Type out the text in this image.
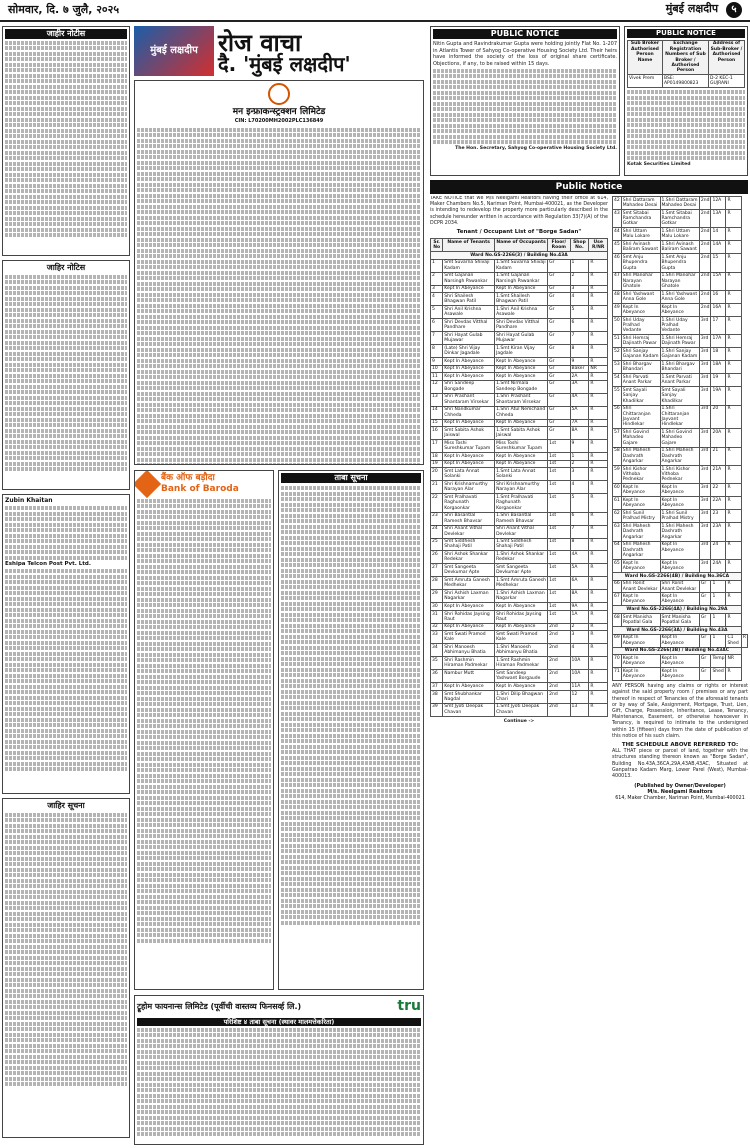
सोमवार, दि. ७ जुलै, २०२५	मुंबई लक्षदीप ५
जाहीर नोटीस
जाहिर नोटिस
Zubin Khaitan
Eshipa Telcon Post Pvt. Ltd.
जाहिर सूचना
मुंबई लक्षदीप रोज वाचा
दै. 'मुंबई लक्षदीप'
मन इन्फ्राकन्स्ट्रक्शन लिमिटेड
CIN: L70200MH2002PLC136849
बैंक ऑफ बड़ौदा
Bank of Baroda
ताबा सूचना
ट्रूहोम फायनान्स लिमिटेड (पूर्वीची वास्तव्य फिनसर्व्ह लि.)	tru
परिशिष्ट ४ ताबा सूचना (स्थावर मालमत्तेकरिता)
PUBLIC NOTICE
Nitin Gupta and Ravindrakumar Gupta were holding jointly Flat No. 1-207 in Atlantis Tower of Sahyog Co-operative Housing Society Ltd. Their heirs have informed the society of the loss of original share certificate. Objections, if any, to be raised within 15 days.
The Hon. Secretary, Sahyog Co-operative Housing Society Ltd.
PUBLIC NOTICE
Sub Broker Authorised Person Name	Exchange Registration Numbers of Sub Broker / Authorised Person	Address of Sub-Broker / Authorised Person
Vivek Prem	BSE: AP0149800823	D-2 KEC-1 GUJRANI
Kotak Securities Limited
Public Notice
TAKE NOTICE that we M/s Neelgami Realtors having their office at 614, Maker Chambers No.5, Nariman Point, Mumbai-400021, as the Developer is intending to redevelop the property more particularly described in the schedule hereunder written in accordance with Regulation 33(7)(A) of the DCPR 2034.
Tenant / Occupant List of "Borge Sadan"
Sr. No	Name of Tenants	Name of Occupants	Floor/ Room	Shop No.	Use R/NR
Ward No.GS-2266(3) / Building No.43A					
1	Smt Suvarna Shivaji Kadam	1.Smt Suvarna Shivaji Kadam	Gr	1	R
2	Smt Gajanan Narsingh Pawankar	1.Smt Gajanan Narsingh Pawankar	Gr	2	R
3	Kept In Abeyance	Kept In Abeyance	Gr	3	R
4	Shri Shailesh Bhagwan Patil	1.Smt Shailesh Bhagwan Patil	Gr	4	R
5	Shri Anil Krishna Asawale	1.Shri Anil Krishna Asawale	Gr	5	R
6	Shri Devdas Vitthal Pandhare	Shri Devdas Vitthal Pandhare	Gr	6	R
7	Shri Hayat Gulab Mujawar	Shri Hayat Gulab Mujawar	Gr	7	R
8	(Late) Shri Vijay Dinkar Jagadale	1.Smt Kiran Vijay Jagdale	Gr	8	R
9	Kept In Abeyance	Kept In Abeyance	Gr	9	R
10	Kept In Abeyance	Kept In Abeyance	Gr	Baker	NR
11	Kept In Abeyance	Kept In Abeyance	Gr	2A	R
12	Shri Sandeep Bongade	1.Smt Nirmala Sandeep Bongade	Gr	3A	R
13	Shri Prashant Shantaram Virsekar	1.Shri Prashant Shantaram Virsekar	Gr	4A	R
14	Shri Nandkumar Chheda	1.Shri Atul Nemchand Chheda	Gr	5A	R
15	Kept In Abeyance	Kept In Abeyance	Gr	7A	R
16	Smt Sabita Ashok Jaiswal	1.Smt Sabita Ashok Jaiswal	Gr	8A	R
17	Miss Toshi Sureshkumar Tupam	Miss Toshi Sureshkumar Tupam	1st	9	R
18	Kept In Abeyance	Kept In Abeyance	1st	1	R
19	Kept In Abeyance	Kept In Abeyance	1st	2	R
20	Smt Lata Annat Solanki	1.Smt Lata Annat Solanki	1st	3	R
21	Shri Krishnamurthy Narayan Alar	Shri Krishnamurthy Narayan Alar	1st	4	R
22	Smt Pralhavati Raghunath Korgaonkar	1.Smt Pralhavati Raghunath Korgaonkar	1st	5	R
23	Shri Basantlal Ramesh Bhavsar	1.Shri Basantlal Ramesh Bhavsar	1st	6	R
24	Shri Anant Vithal Devlekar	Shri Anant Vithal Devlekar	1st	7	R
25	Smt Siddhesh Shahaji Patil	1.Smt Siddhesh Shahaji Patil	1st	8	R
26	Shri Ashok Shankar Redekar	1.Shri Ashok Shankar Redekar	1st	4A	R
27	Smt Sangeeta Devkumar Apte	Smt Sangeeta Devkumar Apte	1st	5A	R
28	Smt Amruta Ganesh Medhekar	1.Smt Amruta Ganesh Medhekar	1st	6A	R
29	Shri Ashish Laxman Nagarkar	1.Shri Ashish Laxman Nagarkar	1st	8A	R
30	Kept In Abeyance	Kept In Abeyance	1st	9A	R
31	Shri Rohidas Jaysing Raut	Shri Rohidas Jaysing Raut	1st	1A	R
32	Kept In Abeyance	Kept In Abeyance	2nd	2	R
33	Smt Swati Pramod Kale	Smt Swati Pramod Kale	2nd	3	R
34	Shri Manoesh Abhimanyu Bhatia	1.Shri Manoesh Abhimanyu Bhatia	2nd	4	R
35	Shri Rashmin Hiraman Padmekar	1.Smt Rashmin Hiraman Padmekar	2nd	10A	R
36	Nambur Mutt	Smt Sandeep Yashwant Borgaude	2nd	10A	R
37	Kept In Abeyance	Kept In Abeyance	2nd	11A	R
38	Smt Shubhankar Nagdal	1.Shri Dilip Bhagwan Chari	2nd	12	R
39	Smt Jyoti Deepak Chavan	1.Smt Jyoti Deepak Chavan	2nd	13	R
Continue ->
42	Shri Dattaram Mahadeo Desai	1.Shri Dattaram Mahadeo Desai	2nd	12A	R	
43	Smt Sitabai Ramchandra Gotkar	1.Smt Sitabai Ramchandra Gotkar	2nd	13A	R	
44	Shri Uttam Malu Lokare	1.Shri Uttam Malu Lokare	2nd	14	R	
45	Shri Avinash Baliram Sawant	1.Shri Avinash Baliram Sawant	2nd	14A	R	
46	Smt Anju Bhupendra Gupta	1.Smt Anju Bhupendra Gupta	2nd	15	R	
47	Shri Manohar Narayan Ghatole	1.Shri Manohar Narayan Ghatole	2nd	15A	R	
48	Shri Yashwant Anna Gole	1.Shri Yashwant Anna Gole	2nd	16	R	
49	Kept In Abeyance	Kept In Abeyance	2nd	16A	R	
50	Shri Uday Pralhad Vedante	1.Shri Uday Pralhad Vedante	3rd	17	R	
51	Shri Hemraj Dajinath Pawar	1.Shri Hemraj Dajinath Pawar	3rd	17A	R	
52	Shri Sanjay Gajanan Kadam	1.Shri Sanjay Gajanan Kadam	3rd	18	R	
53	Shri Bhargav Bhandari	1.Shri Bhargav Bhandari	3rd	18A	R	
54	Shri Parvati Anant Parkar	1.Smt Parvati Anant Parkar	3rd	19	R	
55	Smt Sayali Sanjay Khadilkar	Smt Sayali Sanjay Khadilkar	3rd	19A	R	
56	Shri Chittaranjan Jayvant Hindlekar	1.Shri Chittaranjan Jayvant Hindlekar	3rd	20	R	
57	Shri Govind Mahadeo Gajare	1.Shri Govind Mahadeo Gajare	3rd	20A	R	
58	Shri Mahesh Dashrath Angarkar	1.Shri Mahesh Dashrath Angarkar	3rd	21	R	
59	Shri Kishor Vithoba Pednekar	1.Shri Kishor Vithoba Pednekar	3rd	21A	R	
60	Kept In Abeyance	Kept In Abeyance	3rd	22	R	
61	Kept In Abeyance	Kept In Abeyance	3rd	22A	R	
62	Shri Sunil Pralhad Mistry	1.Shri Sunil Pralhad Mistry	3rd	23	R	
63	Shri Mahesh Dashrath Angarkar	1.Shri Mahesh Dashrath Angarkar	3rd	23A	R	
64	Shri Mahesh Dashrath Angarkar	Kept In Abeyance	3rd	24	R	
65	Kept In Abeyance	Kept In Abeyance	3rd	24A	R	
Ward No.GS-2266(4B) / Building No.36CA						
66	Shri Ronit Anant Devlekar	Shri Ronit Anant Devlekar	Gr	1	R	
67	Kept In Abeyance	Kept In Abeyance	Gr	1	R	
Ward No.GS-2266(4A) / Building No.29A						
68	Smt Manisha Popatlal Gala	Smt Manisha Popatlal Gala	Gr	1	R	
Ward No.GS-2266(3A) / Building No.43A						
69	Kept In Abeyance	Kept In Abeyance	Gr	1	C1 Shed	R
Ward No.GS-2266(3B) / Building No.43AC						
70	Kept In Abeyance	Kept In Abeyance	Gr	Temp	NR	
71	Kept In Abeyance	Kept In Abeyance	Gr	Shed	R	
ANY PERSON having any claims or rights or interest against the said property room / premises or any part thereof in respect of Tenancies of the aforesaid tenants or by way of Sale, Assignment, Mortgage, Trust, Lien, Gift, Charge, Possession, Inheritance, Lease, Tenancy, Maintenance, Easement, or otherwise howsoever in Tenancy, is required to intimate to the undersigned within 15 (fifteen) days from the date of publication of this notice of his such claim.
THE SCHEDULE ABOVE REFERRED TO:
ALL THAT piece or parcel of land, together with the structures standing thereon known as "Borge Sadan", Building No.43A,36CA,29A,43AB,43AC, Situated at Ganpatrao Kadam Marg, Lower Parel (West), Mumbai-400013.
(Published by Owner/Developer)
M/s. Neelgami Realtors
614, Maker Chamber, Nariman Point, Mumbai-400021
